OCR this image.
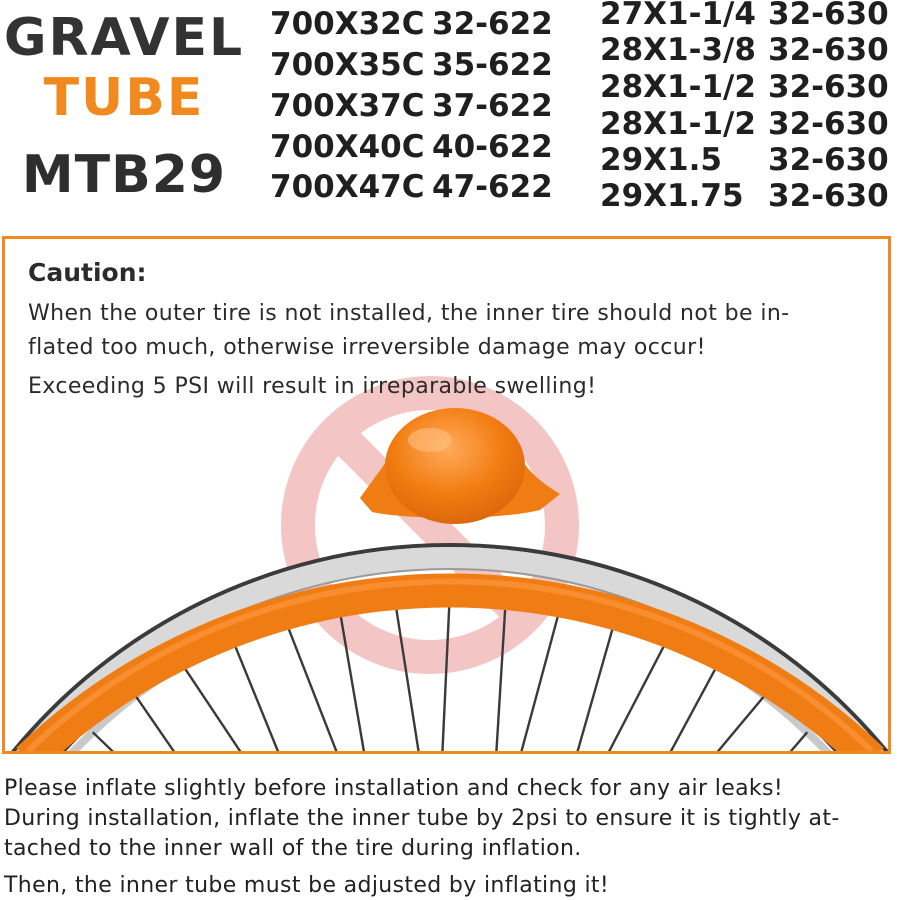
GRAVEL
TUBE
MTB29
700X32C 32-622
700X35C 35-622
700X37C 37-622
700X40C 40-622
700X47C 47-622
27X1-1/4 32-630
28X1-3/8 32-630
28X1-1/2 32-630
28X1-1/2 32-630
29X1.5 32-630
29X1.75 32-630
Caution:
When the outer tire is not installed, the inner tire should not be in-
flated too much, otherwise irreversible damage may occur!
Exceeding 5 PSI will result in irreparable swelling!
Please inflate slightly before installation and check for any air leaks!
During installation, inflate the inner tube by 2psi to ensure it is tightly at-
tached to the inner wall of the tire during inflation.
Then, the inner tube must be adjusted by inflating it!
